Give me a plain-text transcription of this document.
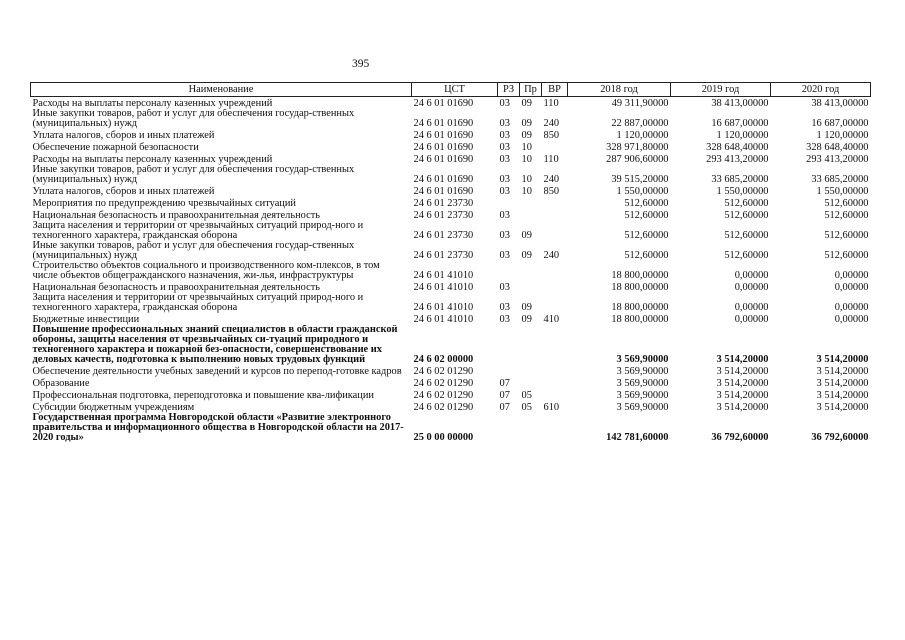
395
Наименование	ЦСТ	РЗ	Пр	ВР	2018 год	2019 год	2020 год
Расходы на выплаты персоналу казенных учреждений	24 6 01 01690	03	09	110	49 311,90000	38 413,00000	38 413,00000
Иные закупки товаров, работ и услуг для обеспечения государ-ственных (муниципальных) нужд	24 6 01 01690	03	09	240	22 887,00000	16 687,00000	16 687,00000
Уплата налогов, сборов и иных платежей	24 6 01 01690	03	09	850	1 120,00000	1 120,00000	1 120,00000
Обеспечение пожарной безопасности	24 6 01 01690	03	10		328 971,80000	328 648,40000	328 648,40000
Расходы на выплаты персоналу казенных учреждений	24 6 01 01690	03	10	110	287 906,60000	293 413,20000	293 413,20000
Иные закупки товаров, работ и услуг для обеспечения государ-ственных (муниципальных) нужд	24 6 01 01690	03	10	240	39 515,20000	33 685,20000	33 685,20000
Уплата налогов, сборов и иных платежей	24 6 01 01690	03	10	850	1 550,00000	1 550,00000	1 550,00000
Мероприятия по предупреждению чрезвычайных ситуаций	24 6 01 23730				512,60000	512,60000	512,60000
Национальная безопасность и правоохранительная деятельность	24 6 01 23730	03			512,60000	512,60000	512,60000
Защита населения и территории от чрезвычайных ситуаций природ-ного и техногенного характера, гражданская оборона	24 6 01 23730	03	09		512,60000	512,60000	512,60000
Иные закупки товаров, работ и услуг для обеспечения государ-ственных (муниципальных) нужд	24 6 01 23730	03	09	240	512,60000	512,60000	512,60000
Строительство объектов социального и производственного ком-плексов, в том числе объектов общегражданского назначения, жи-лья, инфраструктуры	24 6 01 41010				18 800,00000	0,00000	0,00000
Национальная безопасность и правоохранительная деятельность	24 6 01 41010	03			18 800,00000	0,00000	0,00000
Защита населения и территории от чрезвычайных ситуаций природ-ного и техногенного характера, гражданская оборона	24 6 01 41010	03	09		18 800,00000	0,00000	0,00000
Бюджетные инвестиции	24 6 01 41010	03	09	410	18 800,00000	0,00000	0,00000
Повышение профессиональных знаний специалистов в области гражданской обороны, защиты населения от чрезвычайных си-туаций природного и техногенного характера и пожарной без-опасности, совершенствование их деловых качеств, подготовка к выполнению новых трудовых функций	24 6 02 00000				3 569,90000	3 514,20000	3 514,20000
Обеспечение деятельности учебных заведений и курсов по перепод-готовке кадров	24 6 02 01290				3 569,90000	3 514,20000	3 514,20000
Образование	24 6 02 01290	07			3 569,90000	3 514,20000	3 514,20000
Профессиональная подготовка, переподготовка и повышение ква-лификации	24 6 02 01290	07	05		3 569,90000	3 514,20000	3 514,20000
Субсидии бюджетным учреждениям	24 6 02 01290	07	05	610	3 569,90000	3 514,20000	3 514,20000
Государственная программа Новгородской области «Развитие электронного правительства и информационного общества в Новгородской области на 2017-2020 годы»	25 0 00 00000				142 781,60000	36 792,60000	36 792,60000
